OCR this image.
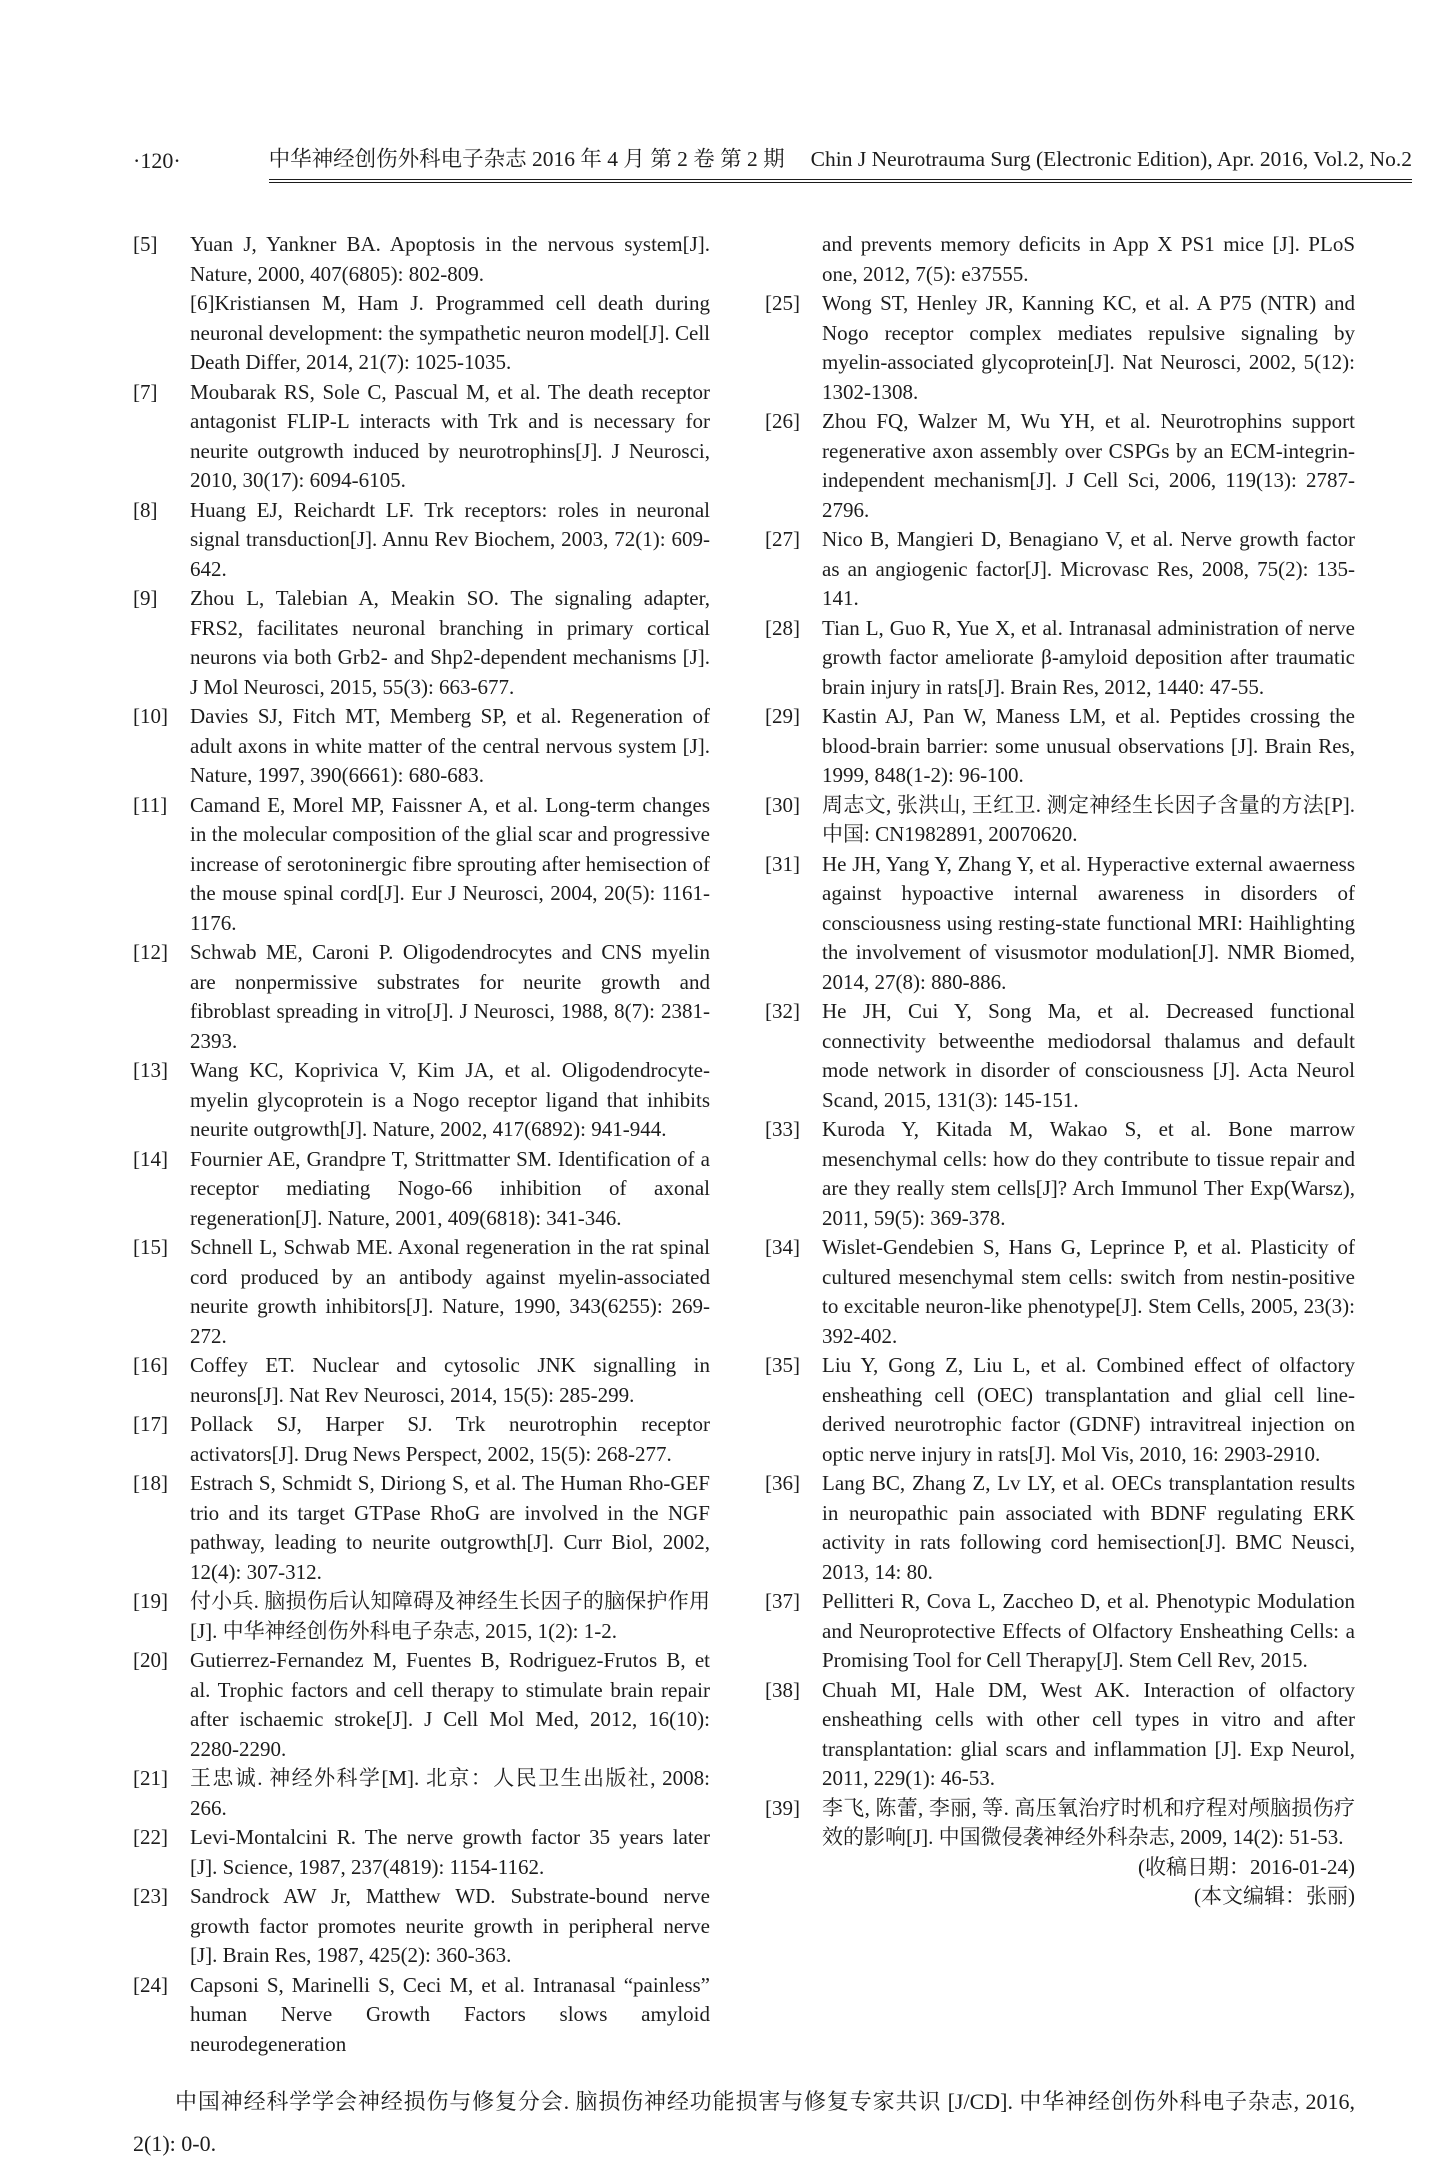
·120·	中华神经创伤外科电子杂志 2016 年 4 月 第 2 卷 第 2 期 Chin J Neurotrauma Surg (Electronic Edition), Apr. 2016, Vol.2, No.2
[5]	Yuan J, Yankner BA. Apoptosis in the nervous system[J]. Nature, 2000, 407(6805): 802-809.
[6]Kristiansen M, Ham J. Programmed cell death during neuronal development: the sympathetic neuron model[J]. Cell Death Differ, 2014, 21(7): 1025-1035.
[7]	Moubarak RS, Sole C, Pascual M, et al. The death receptor antagonist FLIP-L interacts with Trk and is necessary for neurite outgrowth induced by neurotrophins[J]. J Neurosci, 2010, 30(17): 6094-6105.
[8]	Huang EJ, Reichardt LF. Trk receptors: roles in neuronal signal transduction[J]. Annu Rev Biochem, 2003, 72(1): 609-642.
[9]	Zhou L, Talebian A, Meakin SO. The signaling adapter, FRS2, facilitates neuronal branching in primary cortical neurons via both Grb2- and Shp2-dependent mechanisms [J]. J Mol Neurosci, 2015, 55(3): 663-677.
[10]	Davies SJ, Fitch MT, Memberg SP, et al. Regeneration of adult axons in white matter of the central nervous system [J]. Nature, 1997, 390(6661): 680-683.
[11]	Camand E, Morel MP, Faissner A, et al. Long-term changes in the molecular composition of the glial scar and progressive increase of serotoninergic fibre sprouting after hemisection of the mouse spinal cord[J]. Eur J Neurosci, 2004, 20(5): 1161-1176.
[12]	Schwab ME, Caroni P. Oligodendrocytes and CNS myelin are nonpermissive substrates for neurite growth and fibroblast spreading in vitro[J]. J Neurosci, 1988, 8(7): 2381-2393.
[13]	Wang KC, Koprivica V, Kim JA, et al. Oligodendrocyte-myelin glycoprotein is a Nogo receptor ligand that inhibits neurite outgrowth[J]. Nature, 2002, 417(6892): 941-944.
[14]	Fournier AE, Grandpre T, Strittmatter SM. Identification of a receptor mediating Nogo-66 inhibition of axonal regeneration[J]. Nature, 2001, 409(6818): 341-346.
[15]	Schnell L, Schwab ME. Axonal regeneration in the rat spinal cord produced by an antibody against myelin-associated neurite growth inhibitors[J]. Nature, 1990, 343(6255): 269-272.
[16]	Coffey ET. Nuclear and cytosolic JNK signalling in neurons[J]. Nat Rev Neurosci, 2014, 15(5): 285-299.
[17]	Pollack SJ, Harper SJ. Trk neurotrophin receptor activators[J]. Drug News Perspect, 2002, 15(5): 268-277.
[18]	Estrach S, Schmidt S, Diriong S, et al. The Human Rho-GEF trio and its target GTPase RhoG are involved in the NGF pathway, leading to neurite outgrowth[J]. Curr Biol, 2002, 12(4): 307-312.
[19]	付小兵. 脑损伤后认知障碍及神经生长因子的脑保护作用[J]. 中华神经创伤外科电子杂志, 2015, 1(2): 1-2.
[20]	Gutierrez-Fernandez M, Fuentes B, Rodriguez-Frutos B, et al. Trophic factors and cell therapy to stimulate brain repair after ischaemic stroke[J]. J Cell Mol Med, 2012, 16(10): 2280-2290.
[21]	王忠诚. 神经外科学[M]. 北京：人民卫生出版社, 2008: 266.
[22]	Levi-Montalcini R. The nerve growth factor 35 years later [J]. Science, 1987, 237(4819): 1154-1162.
[23]	Sandrock AW Jr, Matthew WD. Substrate-bound nerve growth factor promotes neurite growth in peripheral nerve [J]. Brain Res, 1987, 425(2): 360-363.
[24]	Capsoni S, Marinelli S, Ceci M, et al. Intranasal “painless” human Nerve Growth Factors slows amyloid neurodegeneration
and prevents memory deficits in App X PS1 mice [J]. PLoS one, 2012, 7(5): e37555.
[25]	Wong ST, Henley JR, Kanning KC, et al. A P75 (NTR) and Nogo receptor complex mediates repulsive signaling by myelin-associated glycoprotein[J]. Nat Neurosci, 2002, 5(12): 1302-1308.
[26]	Zhou FQ, Walzer M, Wu YH, et al. Neurotrophins support regenerative axon assembly over CSPGs by an ECM-integrin-independent mechanism[J]. J Cell Sci, 2006, 119(13): 2787-2796.
[27]	Nico B, Mangieri D, Benagiano V, et al. Nerve growth factor as an angiogenic factor[J]. Microvasc Res, 2008, 75(2): 135-141.
[28]	Tian L, Guo R, Yue X, et al. Intranasal administration of nerve growth factor ameliorate β-amyloid deposition after traumatic brain injury in rats[J]. Brain Res, 2012, 1440: 47-55.
[29]	Kastin AJ, Pan W, Maness LM, et al. Peptides crossing the blood-brain barrier: some unusual observations [J]. Brain Res, 1999, 848(1-2): 96-100.
[30]	周志文, 张洪山, 王红卫. 测定神经生长因子含量的方法[P]. 中国: CN1982891, 20070620.
[31]	He JH, Yang Y, Zhang Y, et al. Hyperactive external awaerness against hypoactive internal awareness in disorders of consciousness using resting-state functional MRI: Haihlighting the involvement of visusmotor modulation[J]. NMR Biomed, 2014, 27(8): 880-886.
[32]	He JH, Cui Y, Song Ma, et al. Decreased functional connectivity betweenthe mediodorsal thalamus and default mode network in disorder of consciousness [J]. Acta Neurol Scand, 2015, 131(3): 145-151.
[33]	Kuroda Y, Kitada M, Wakao S, et al. Bone marrow mesenchymal cells: how do they contribute to tissue repair and are they really stem cells[J]? Arch Immunol Ther Exp(Warsz), 2011, 59(5): 369-378.
[34]	Wislet-Gendebien S, Hans G, Leprince P, et al. Plasticity of cultured mesenchymal stem cells: switch from nestin-positive to excitable neuron-like phenotype[J]. Stem Cells, 2005, 23(3): 392-402.
[35]	Liu Y, Gong Z, Liu L, et al. Combined effect of olfactory ensheathing cell (OEC) transplantation and glial cell line-derived neurotrophic factor (GDNF) intravitreal injection on optic nerve injury in rats[J]. Mol Vis, 2010, 16: 2903-2910.
[36]	Lang BC, Zhang Z, Lv LY, et al. OECs transplantation results in neuropathic pain associated with BDNF regulating ERK activity in rats following cord hemisection[J]. BMC Neusci, 2013, 14: 80.
[37]	Pellitteri R, Cova L, Zaccheo D, et al. Phenotypic Modulation and Neuroprotective Effects of Olfactory Ensheathing Cells: a Promising Tool for Cell Therapy[J]. Stem Cell Rev, 2015.
[38]	Chuah MI, Hale DM, West AK. Interaction of olfactory ensheathing cells with other cell types in vitro and after transplantation: glial scars and inflammation [J]. Exp Neurol, 2011, 229(1): 46-53.
[39]	李飞, 陈蕾, 李丽, 等. 高压氧治疗时机和疗程对颅脑损伤疗效的影响[J]. 中国微侵袭神经外科杂志, 2009, 14(2): 51-53.
(收稿日期：2016-01-24)
(本文编辑：张丽)
中国神经科学学会神经损伤与修复分会. 脑损伤神经功能损害与修复专家共识 [J/CD]. 中华神经创伤外科电子杂志, 2016, 2(1): 0-0.
